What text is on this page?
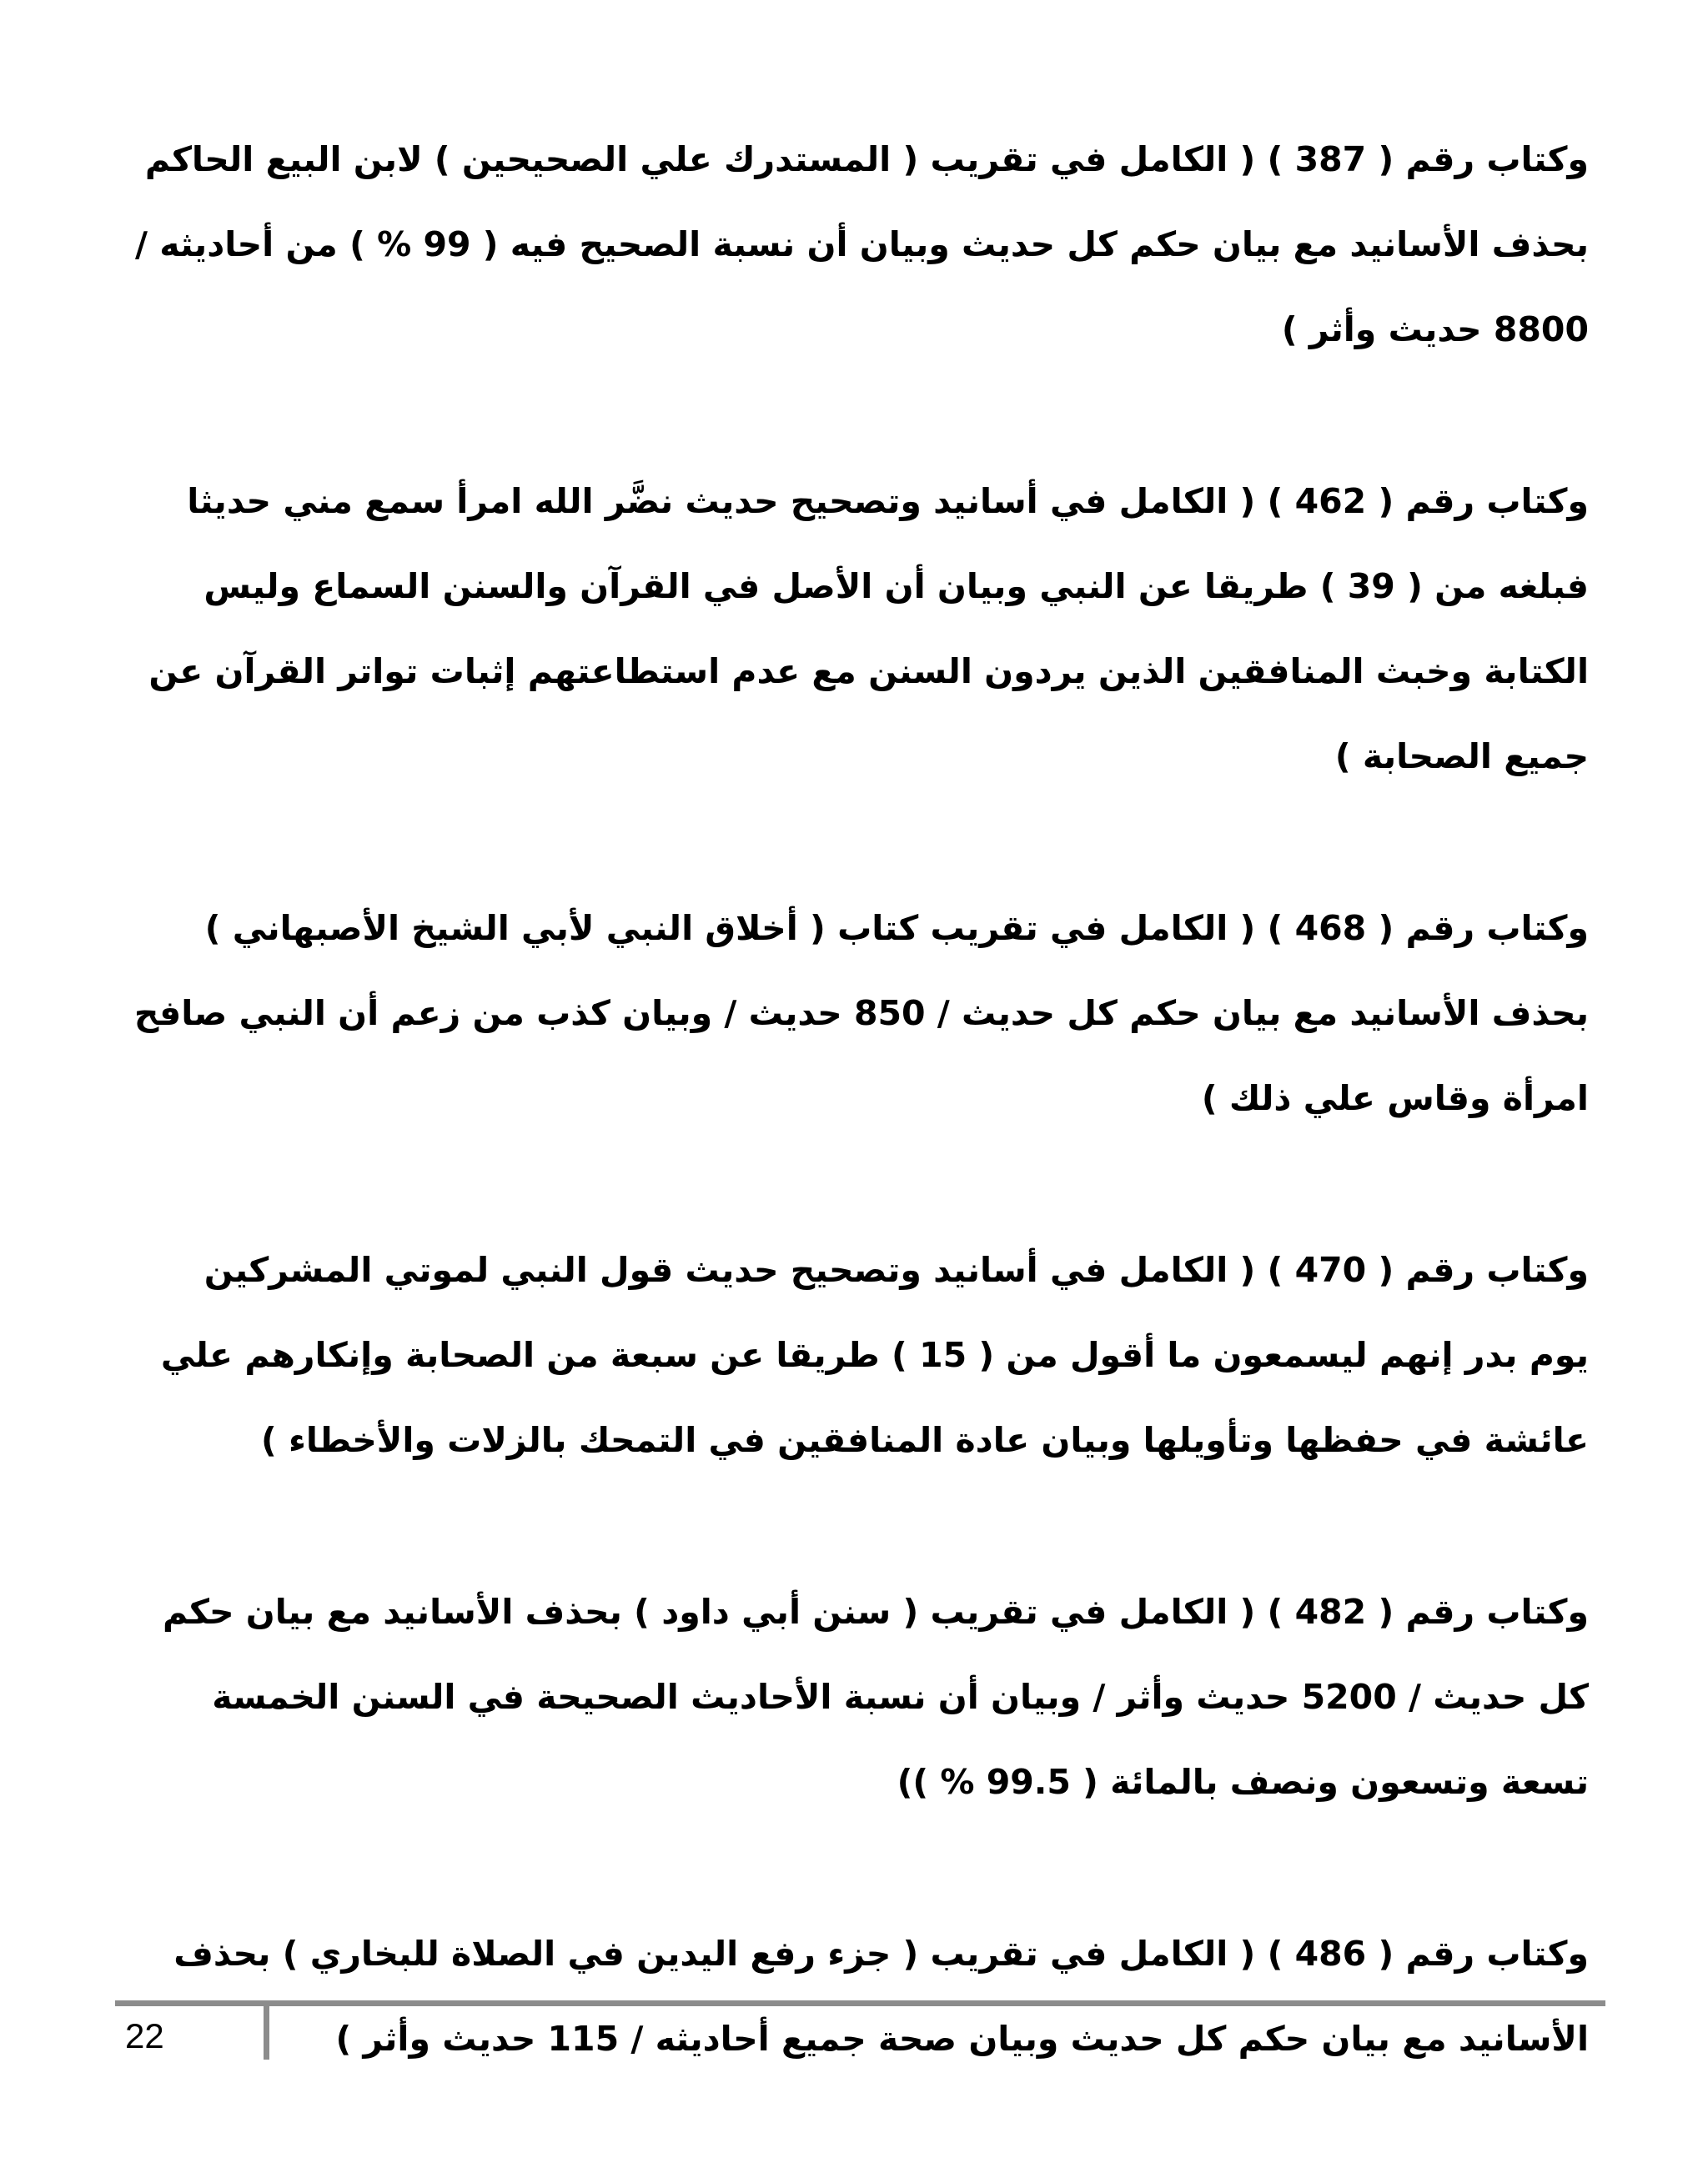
وكتاب رقم ( 387 ) ( الكامل في تقريب ( المستدرك علي الصحيحين ) لابن البيع الحاكم بحذف الأسانيد مع بيان حكم كل حديث وبيان أن نسبة الصحيح فيه ( 99 % ) من أحاديثه / 8800 حديث وأثر )

وكتاب رقم ( 462 ) ( الكامل في أسانيد وتصحيح حديث نضَّر الله امرأ سمع مني حديثا فبلغه من ( 39 ) طريقا عن النبي وبيان أن الأصل في القرآن والسنن السماع وليس الكتابة وخبث المنافقين الذين يردون السنن مع عدم استطاعتهم إثبات تواتر القرآن عن جميع الصحابة )

وكتاب رقم ( 468 ) ( الكامل في تقريب كتاب ( أخلاق النبي لأبي الشيخ الأصبهاني ) بحذف الأسانيد مع بيان حكم كل حديث / 850 حديث / وبيان كذب من زعم أن النبي صافح امرأة وقاس علي ذلك )

وكتاب رقم ( 470 ) ( الكامل في أسانيد وتصحيح حديث قول النبي لموتي المشركين يوم بدر إنهم ليسمعون ما أقول من ( 15 ) طريقا عن سبعة من الصحابة وإنكارهم علي عائشة في حفظها وتأويلها وبيان عادة المنافقين في التمحك بالزلات والأخطاء )

وكتاب رقم ( 482 ) ( الكامل في تقريب ( سنن أبي داود ) بحذف الأسانيد مع بيان حكم كل حديث / 5200 حديث وأثر / وبيان أن نسبة الأحاديث الصحيحة في السنن الخمسة تسعة وتسعون ونصف بالمائة ( 99.5 % ))

وكتاب رقم ( 486 ) ( الكامل في تقريب ( جزء رفع اليدين في الصلاة للبخاري ) بحذف الأسانيد مع بيان حكم كل حديث وبيان صحة جميع أحاديثه / 115 حديث وأثر )

22
